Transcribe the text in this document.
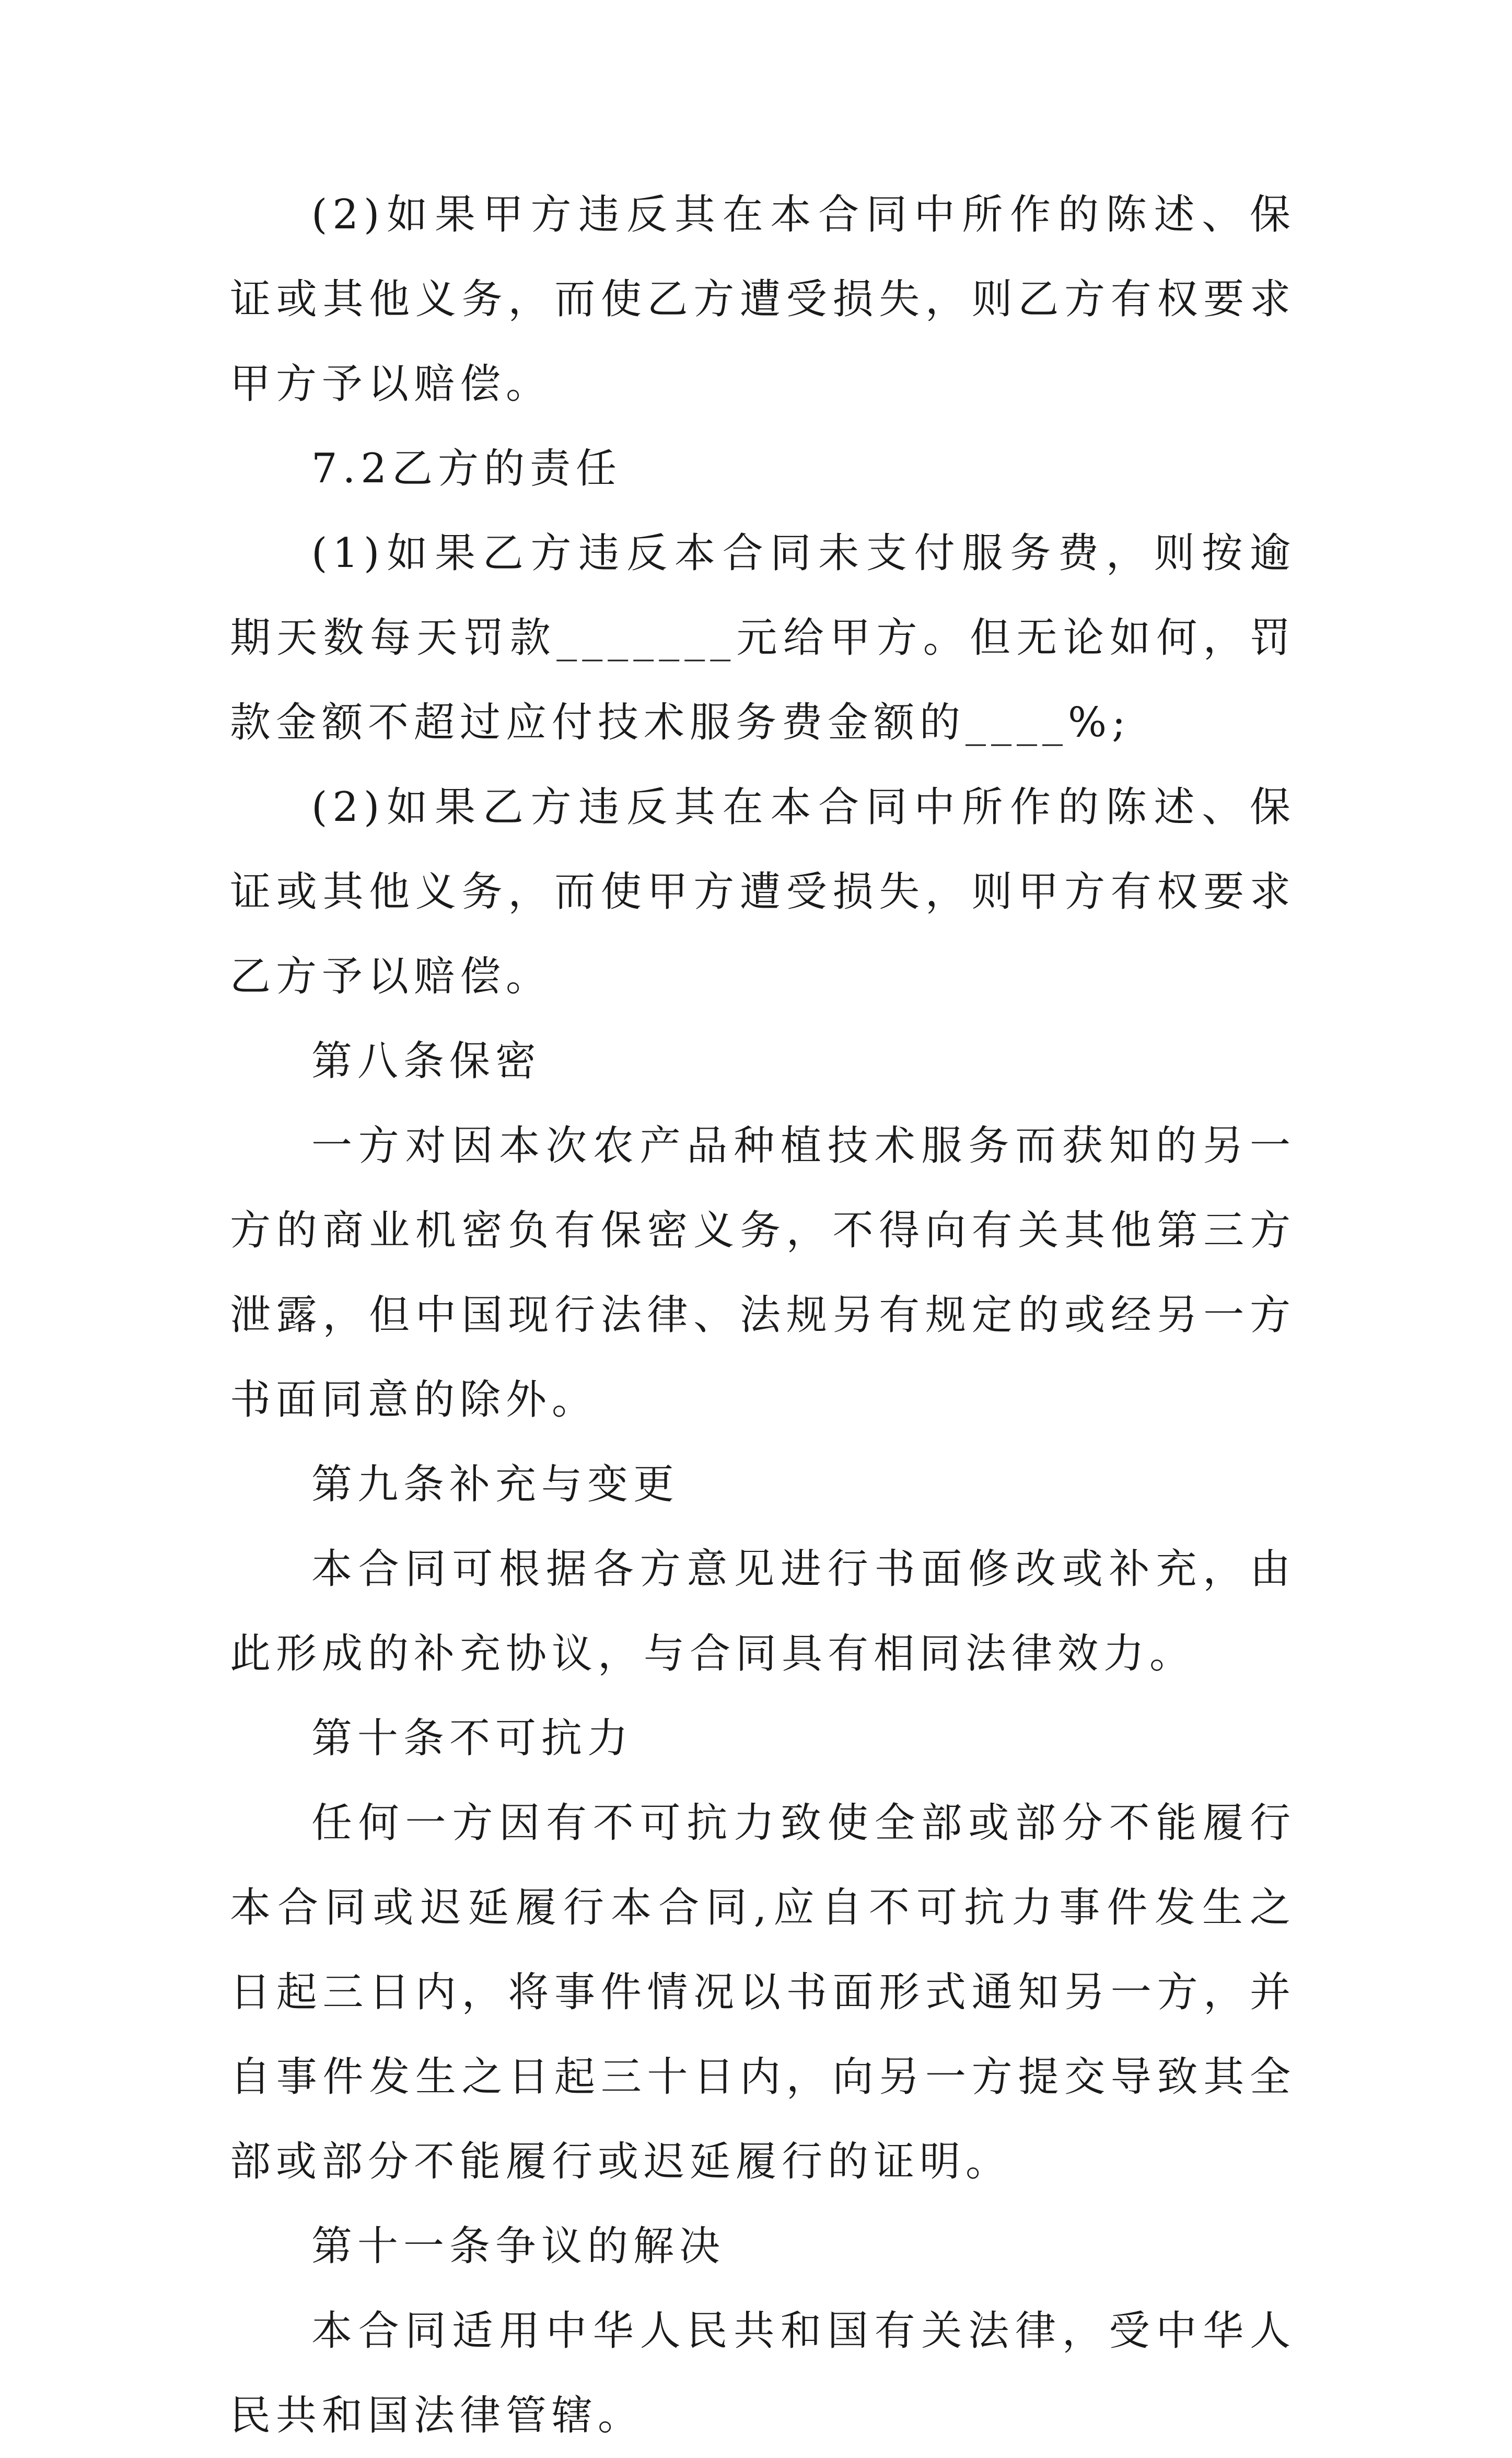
(2)如果甲方违反其在本合同中所作的陈述、保证或其他义务，而使乙方遭受损失，则乙方有权要求甲方予以赔偿。

7.2乙方的责任

(1)如果乙方违反本合同未支付服务费，则按逾期天数每天罚款_______元给甲方。但无论如何，罚款金额不超过应付技术服务费金额的____%;

(2)如果乙方违反其在本合同中所作的陈述、保证或其他义务，而使甲方遭受损失，则甲方有权要求乙方予以赔偿。

第八条保密

一方对因本次农产品种植技术服务而获知的另一方的商业机密负有保密义务，不得向有关其他第三方泄露，但中国现行法律、法规另有规定的或经另一方书面同意的除外。

第九条补充与变更

本合同可根据各方意见进行书面修改或补充，由此形成的补充协议，与合同具有相同法律效力。

第十条不可抗力

任何一方因有不可抗力致使全部或部分不能履行本合同或迟延履行本合同,应自不可抗力事件发生之日起三日内，将事件情况以书面形式通知另一方，并自事件发生之日起三十日内，向另一方提交导致其全部或部分不能履行或迟延履行的证明。

第十一条争议的解决

本合同适用中华人民共和国有关法律，受中华人民共和国法律管辖。
